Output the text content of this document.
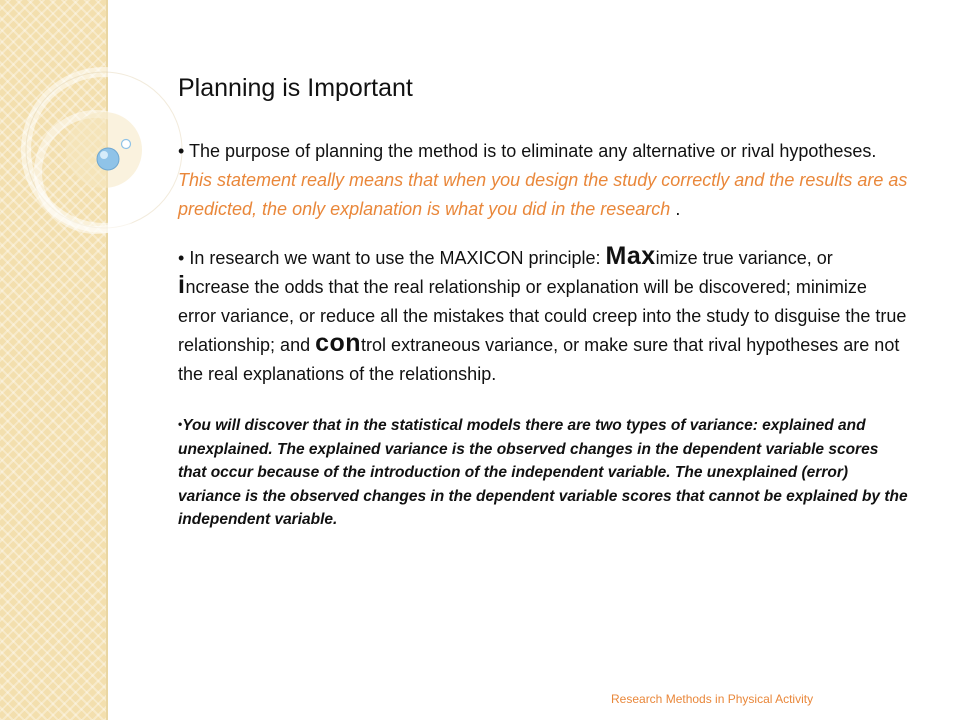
Planning is Important

• The purpose of planning the method is to eliminate any alternative or rival hypotheses. This statement really means that when you design the study correctly and the results are as predicted, the only explanation is what you did in the research .

• In research we want to use the MAXICON principle: Maximize true variance, or increase the odds that the real relationship or explanation will be discovered; minimize error variance, or reduce all the mistakes that could creep into the study to disguise the true relationship; and control extraneous variance, or make sure that rival hypotheses are not the real explanations of the relationship.

•You will discover that in the statistical models there are two types of variance: explained and unexplained. The explained variance is the observed changes in the dependent variable scores that occur because of the introduction of the independent variable. The unexplained (error) variance is the observed changes in the dependent variable scores that cannot be explained by the independent variable.

Research Methods in Physical Activity
